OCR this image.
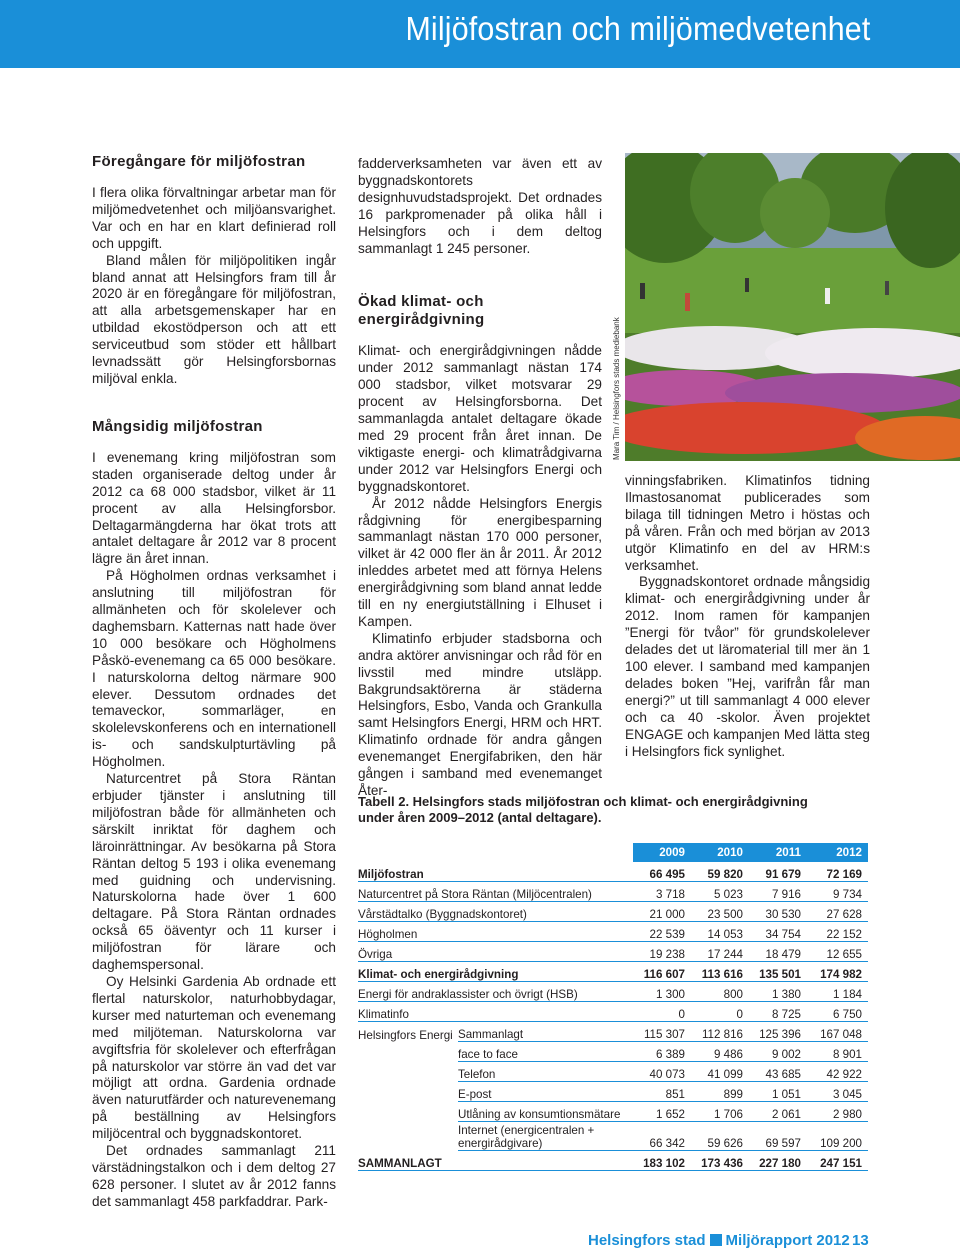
Miljöfostran och miljömedvetenhet
Föregångare för miljöfostran

I flera olika förvaltningar arbetar man för miljömedvetenhet och miljöansvarighet. Var och en har en klart definierad roll och uppgift.

Bland målen för miljöpolitiken ingår bland annat att Helsingfors fram till år 2020 är en föregångare för miljöfostran, att alla arbetsgemenskaper har en utbildad ekostödperson och att ett serviceutbud som stöder ett hållbart levnadssätt gör Helsingforsbornas miljöval enkla.

Mångsidig miljöfostran

I evenemang kring miljöfostran som staden organiserade deltog under år 2012 ca 68 000 stadsbor, vilket är 11 procent av alla Helsingforsbor. Deltagarmängderna har ökat trots att antalet deltagare år 2012 var 8 procent lägre än året innan.

På Högholmen ordnas verksamhet i anslutning till miljöfostran för allmänheten och för skolelever och daghemsbarn. Katternas natt hade över 10 000 besökare och Högholmens Påskö-evenemang ca 65 000 besökare. I naturskolorna deltog närmare 900 elever. Dessutom ordnades det temaveckor, sommarläger, en skolelevskonferens och en internationell is- och sandskulpturtävling på Högholmen.

Naturcentret på Stora Räntan erbjuder tjänster i anslutning till miljöfostran både för allmänheten och särskilt inriktat för daghem och läroinrättningar. Av besökarna på Stora Räntan deltog 5 193 i olika evenemang med guidning och undervisning. Naturskolorna hade över 1 600 deltagare. På Stora Räntan ordnades också 65 öäventyr och 11 kurser i miljöfostran för lärare och daghemspersonal.

Oy Helsinki Gardenia Ab ordnade ett flertal naturskolor, naturhobbydagar, kurser med naturteman och evenemang med miljöteman. Naturskolorna var avgiftsfria för skolelever och efterfrågan på naturskolor var större än vad det var möjligt att ordna. Gardenia ordnade även naturutfärder och naturevenemang på beställning av Helsingfors miljöcentral och byggnadskontoret.

Det ordnades sammanlagt 211 värstädningstalkon och i dem deltog 27 628 personer. I slutet av år 2012 fanns det sammanlagt 458 parkfaddrar. Park-

fadderverksamheten var även ett av byggnadskontorets designhuvudstadsprojekt. Det ordnades 16 parkpromenader på olika håll i Helsingfors och i dem deltog sammanlagt 1 245 personer.

Ökad klimat- och energirådgivning

Klimat- och energirådgivningen nådde under 2012 sammanlagt nästan 174 000 stadsbor, vilket motsvarar 29 procent av Helsingforsborna. Det sammanlagda antalet deltagare ökade med 29 procent från året innan. De viktigaste energi- och klimatrådgivarna under 2012 var Helsingfors Energi och byggnadskontoret.

År 2012 nådde Helsingfors Energis rådgivning för energibesparning sammanlagt nästan 170 000 personer, vilket är 42 000 fler än år 2011. År 2012 inleddes arbetet med att förnya Helens energirådgivning som bland annat ledde till en ny energiutställning i Elhuset i Kampen.

Klimatinfo erbjuder stadsborna och andra aktörer anvisningar och råd för en livsstil med mindre utsläpp. Bakgrundsaktörerna är städerna Helsingfors, Esbo, Vanda och Grankulla samt Helsingfors Energi, HRM och HRT. Klimatinfo ordnade för andra gången evenemanget Energifabriken, den här gången i samband med evenemanget Åter-

Mara Tim / Helsingfors stads mediebank

vinningsfabriken. Klimatinfos tidning Ilmastosanomat publicerades som bilaga till tidningen Metro i höstas och på våren. Från och med början av 2013 utgör Klimatinfo en del av HRM:s verksamhet.

Byggnadskontoret ordnade mångsidig klimat- och energirådgivning under år 2012. Inom ramen för kampanjen ”Energi för tvåor” för grundskolelever delades det ut läromaterial till mer än 1 100 elever. I samband med kampanjen delades boken ”Hej, varifrån får man energi?” ut till sammanlagt 4 000 elever och ca 40 -skolor. Även projektet ENGAGE och kampanjen Med lätta steg i Helsingfors fick synlighet.

Tabell 2. Helsingfors stads miljöfostran och klimat- och energirådgivning under åren 2009–2012 (antal deltagare).
		2009	2010	2011	2012
Miljöfostran		66 495	59 820	91 679	72 169
Naturcentret på Stora Räntan (Miljöcentralen)		3 718	5 023	7 916	9 734
Vårstädtalko (Byggnadskontoret)		21 000	23 500	30 530	27 628
Högholmen		22 539	14 053	34 754	22 152
Övriga		19 238	17 244	18 479	12 655
Klimat- och energirådgivning		116 607	113 616	135 501	174 982
Energi för andraklassister och övrigt (HSB)		1 300	800	1 380	1 184
Klimatinfo		0	0	8 725	6 750
Helsingfors Energi	Sammanlagt	115 307	112 816	125 396	167 048
	face to face	6 389	9 486	9 002	8 901
	Telefon	40 073	41 099	43 685	42 922
	E-post	851	899	1 051	3 045
	Utlåning av konsumtionsmätare	1 652	1 706	2 061	2 980
	Internet (energicentralen + energirådgivare)	66 342	59 626	69 597	109 200
SAMMANLAGT		183 102	173 436	227 180	247 151
Helsingfors stad Miljörapport 2012 13
